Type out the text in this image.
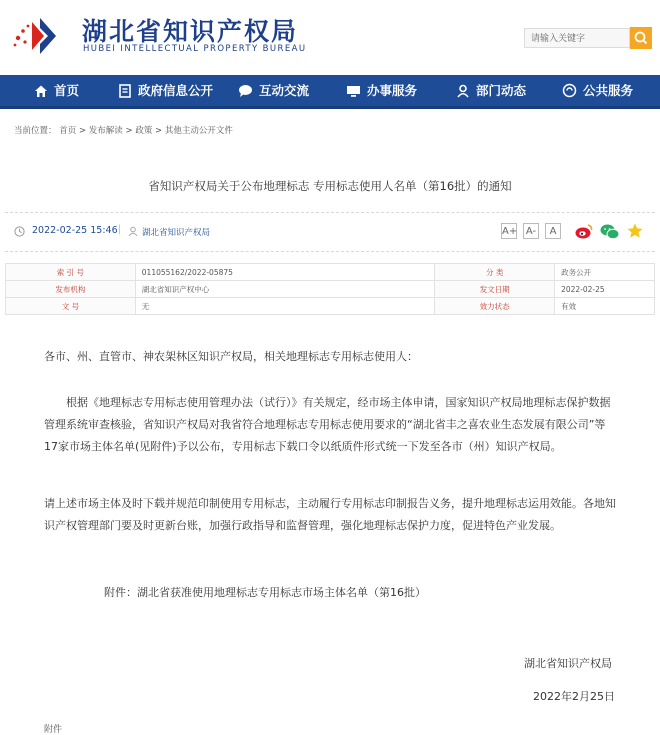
湖北省知识产权局
HUBEI INTELLECTUAL PROPERTY BUREAU
请输入关键字
首页	政府信息公开	互动交流	办事服务	部门动态	公共服务
当前位置： 首页 > 发布解读 > 政策 > 其他主动公开文件
省知识产权局关于公布地理标志 专用标志使用人名单（第16批）的通知
2022-02-25 15:46 | 湖北省知识产权局	A+ A-	A
索 引 号	011055162/2022-05875	分 类	政务公开
发布机构	湖北省知识产权中心	发文日期	2022-02-25
文 号	无	效力状态	有效
各市、州、直管市、神农架林区知识产权局，相关地理标志专用标志使用人：
　　根据《地理标志专用标志使用管理办法（试行）》有关规定，经市场主体申请，国家知识产权局地理标志保护数据管理系统审查核验，省知识产权局对我省符合地理标志专用标志使用要求的“湖北省丰之喜农业生态发展有限公司”等17家市场主体名单(见附件)予以公布，专用标志下载口令以纸质件形式统一下发至各市（州）知识产权局。
请上述市场主体及时下载并规范印制使用专用标志，主动履行专用标志印制报告义务，提升地理标志运用效能。各地知识产权管理部门要及时更新台账，加强行政指导和监督管理，强化地理标志保护力度，促进特色产业发展。
附件：湖北省获准使用地理标志专用标志市场主体名单（第16批）
湖北省知识产权局
2022年2月25日
附件
